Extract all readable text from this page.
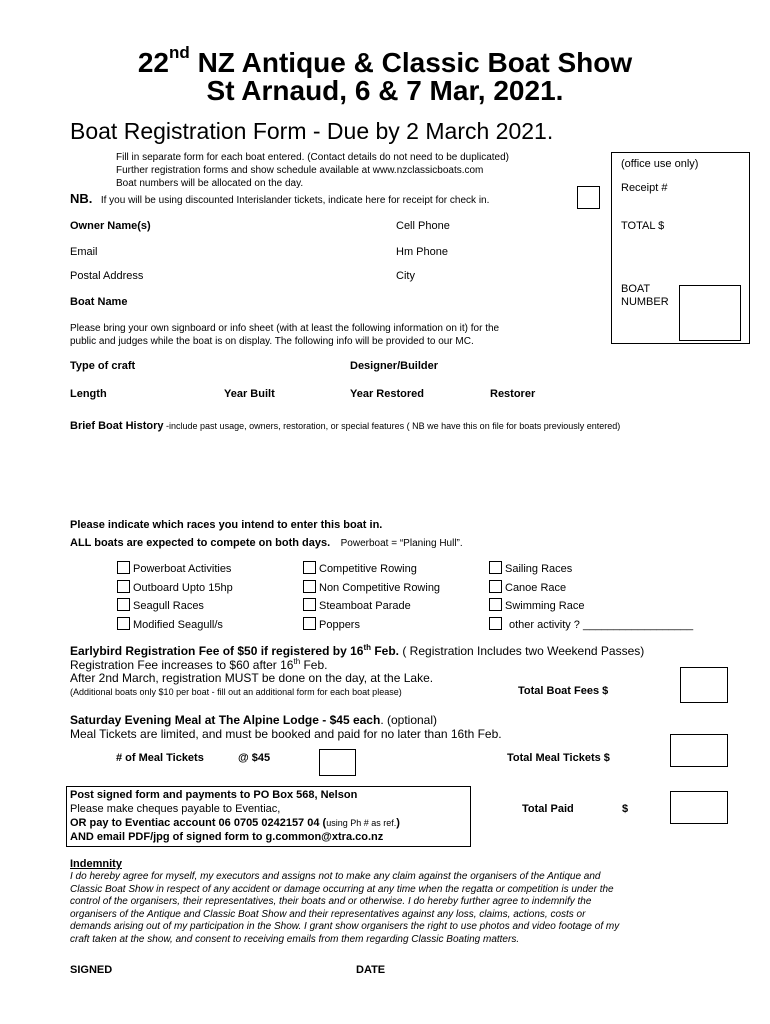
22nd NZ Antique & Classic Boat Show
St Arnaud, 6 & 7 Mar, 2021.
Boat Registration Form - Due by 2 March 2021.
Fill in separate form for each boat entered. (Contact details do not need to be duplicated)
Further registration forms and show schedule available at www.nzclassicboats.com
Boat numbers will be allocated on the day.
NB. If you will be using discounted Interislander tickets, indicate here for receipt for check in.
(office use only)
Receipt #
TOTAL $
BOAT
NUMBER
Owner Name(s)	Cell Phone
Email	Hm Phone
Postal Address	City
Boat Name
Please bring your own signboard or info sheet (with at least the following information on it) for the
public and judges while the boat is on display. The following info will be provided to our MC.
Type of craft	Designer/Builder
Length	Year Built	Year Restored	Restorer
Brief Boat History -include past usage, owners, restoration, or special features ( NB we have this on file for boats previously entered)
Please indicate which races you intend to enter this boat in.
ALL boats are expected to compete on both days. Powerboat = “Planing Hull”.
Powerboat Activities	Competitive Rowing	Sailing Races
Outboard Upto 15hp	Non Competitive Rowing	Canoe Race
Seagull Races	Steamboat Parade	Swimming Race
Modified Seagull/s	Poppers	other activity ? __________________
Earlybird Registration Fee of $50 if registered by 16th Feb. ( Registration Includes two Weekend Passes)
Registration Fee increases to $60 after 16th Feb.
After 2nd March, registration MUST be done on the day, at the Lake.
(Additional boats only $10 per boat - fill out an additional form for each boat please)	Total Boat Fees $
Saturday Evening Meal at The Alpine Lodge - $45 each. (optional)
Meal Tickets are limited, and must be booked and paid for no later than 16th Feb.
# of Meal Tickets	@ $45	Total Meal Tickets $
Post signed form and payments to PO Box 568, Nelson
Please make cheques payable to Eventiac,
OR pay to Eventiac account 06 0705 0242157 04 (using Ph # as ref.)
AND email PDF/jpg of signed form to g.common@xtra.co.nz
Total Paid	$
Indemnity
I do hereby agree for myself, my executors and assigns not to make any claim against the organisers of the Antique and
Classic Boat Show in respect of any accident or damage occurring at any time when the regatta or competition is under the
control of the organisers, their representatives, their boats and or otherwise. I do hereby further agree to indemnify the
organisers of the Antique and Classic Boat Show and their representatives against any loss, claims, actions, costs or
demands arising out of my participation in the Show. I grant show organisers the right to use photos and video footage of my
craft taken at the show, and consent to receiving emails from them regarding Classic Boating matters.
SIGNED	DATE
